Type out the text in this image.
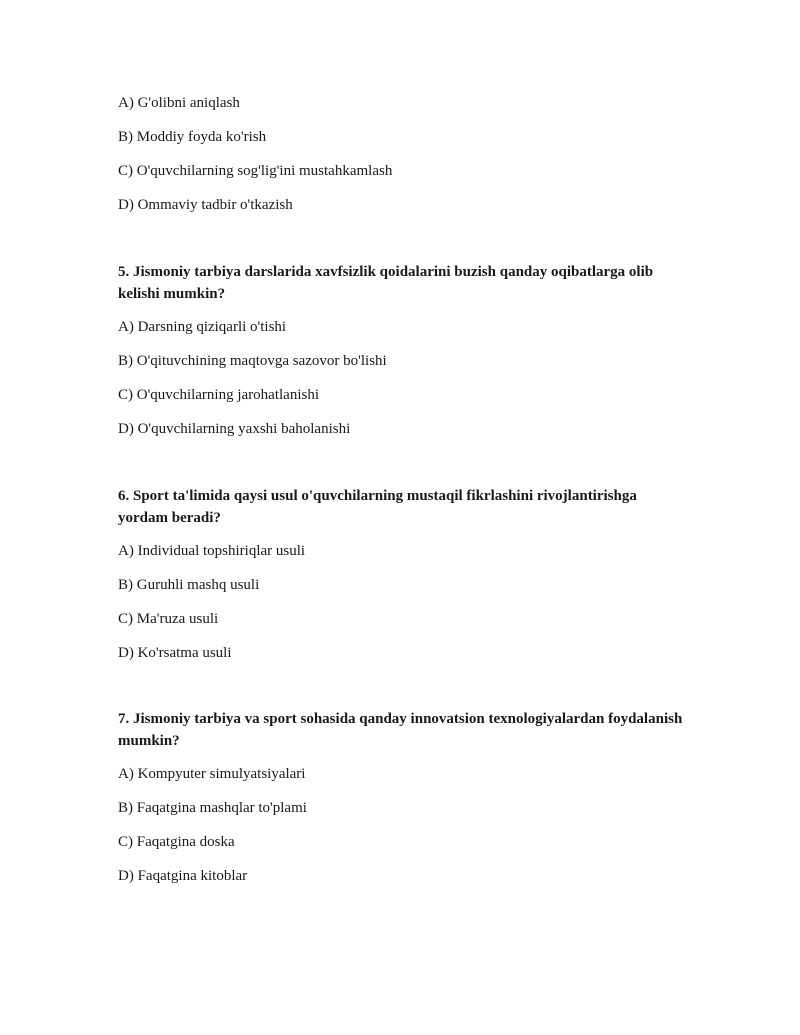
A) G'olibni aniqlash
B) Moddiy foyda ko'rish
C) O'quvchilarning sog'lig'ini mustahkamlash
D) Ommaviy tadbir o'tkazish
5. Jismoniy tarbiya darslarida xavfsizlik qoidalarini buzish qanday oqibatlarga olib kelishi mumkin?
A) Darsning qiziqarli o'tishi
B) O'qituvchining maqtovga sazovor bo'lishi
C) O'quvchilarning jarohatlanishi
D) O'quvchilarning yaxshi baholanishi
6. Sport ta'limida qaysi usul o'quvchilarning mustaqil fikrlashini rivojlantirishga yordam beradi?
A) Individual topshiriqlar usuli
B) Guruhli mashq usuli
C) Ma'ruza usuli
D) Ko'rsatma usuli
7. Jismoniy tarbiya va sport sohasida qanday innovatsion texnologiyalardan foydalanish mumkin?
A) Kompyuter simulyatsiyalari
B) Faqatgina mashqlar to'plami
C) Faqatgina doska
D) Faqatgina kitoblar
